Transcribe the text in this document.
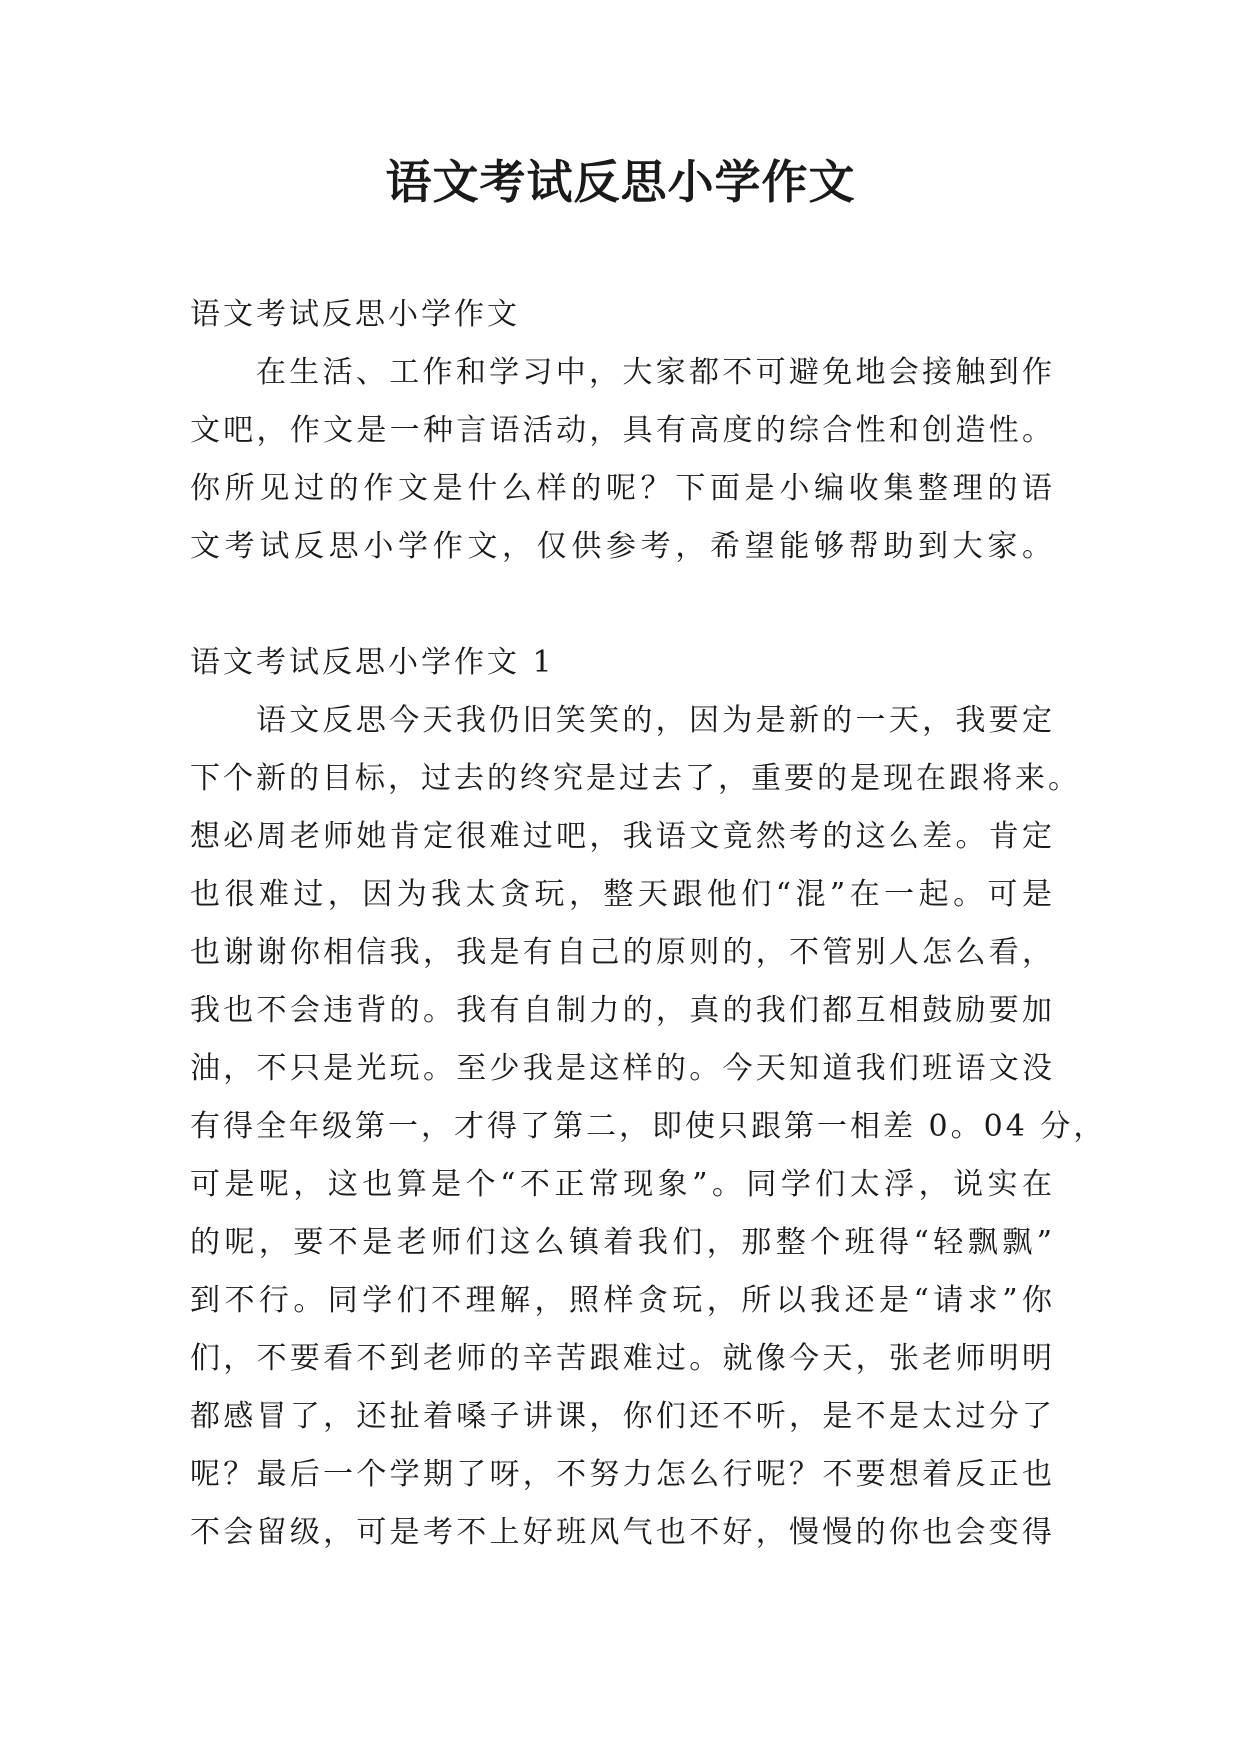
语文考试反思小学作文
语文考试反思小学作文
在生活、工作和学习中，大家都不可避免地会接触到作
文吧，作文是一种言语活动，具有高度的综合性和创造性。
你所见过的作文是什么样的呢？下面是小编收集整理的语
文考试反思小学作文，仅供参考，希望能够帮助到大家。
语文考试反思小学作文 1
语文反思今天我仍旧笑笑的，因为是新的一天，我要定
下个新的目标，过去的终究是过去了，重要的是现在跟将来。
想必周老师她肯定很难过吧，我语文竟然考的这么差。肯定
也很难过，因为我太贪玩，整天跟他们“混”在一起。可是
也谢谢你相信我，我是有自己的原则的，不管别人怎么看，
我也不会违背的。我有自制力的，真的我们都互相鼓励要加
油，不只是光玩。至少我是这样的。今天知道我们班语文没
有得全年级第一，才得了第二，即使只跟第一相差 0。04 分，
可是呢，这也算是个“不正常现象”。同学们太浮，说实在
的呢，要不是老师们这么镇着我们，那整个班得“轻飘飘”
到不行。同学们不理解，照样贪玩，所以我还是“请求”你
们，不要看不到老师的辛苦跟难过。就像今天，张老师明明
都感冒了，还扯着嗓子讲课，你们还不听，是不是太过分了
呢？最后一个学期了呀，不努力怎么行呢？不要想着反正也
不会留级，可是考不上好班风气也不好，慢慢的你也会变得
